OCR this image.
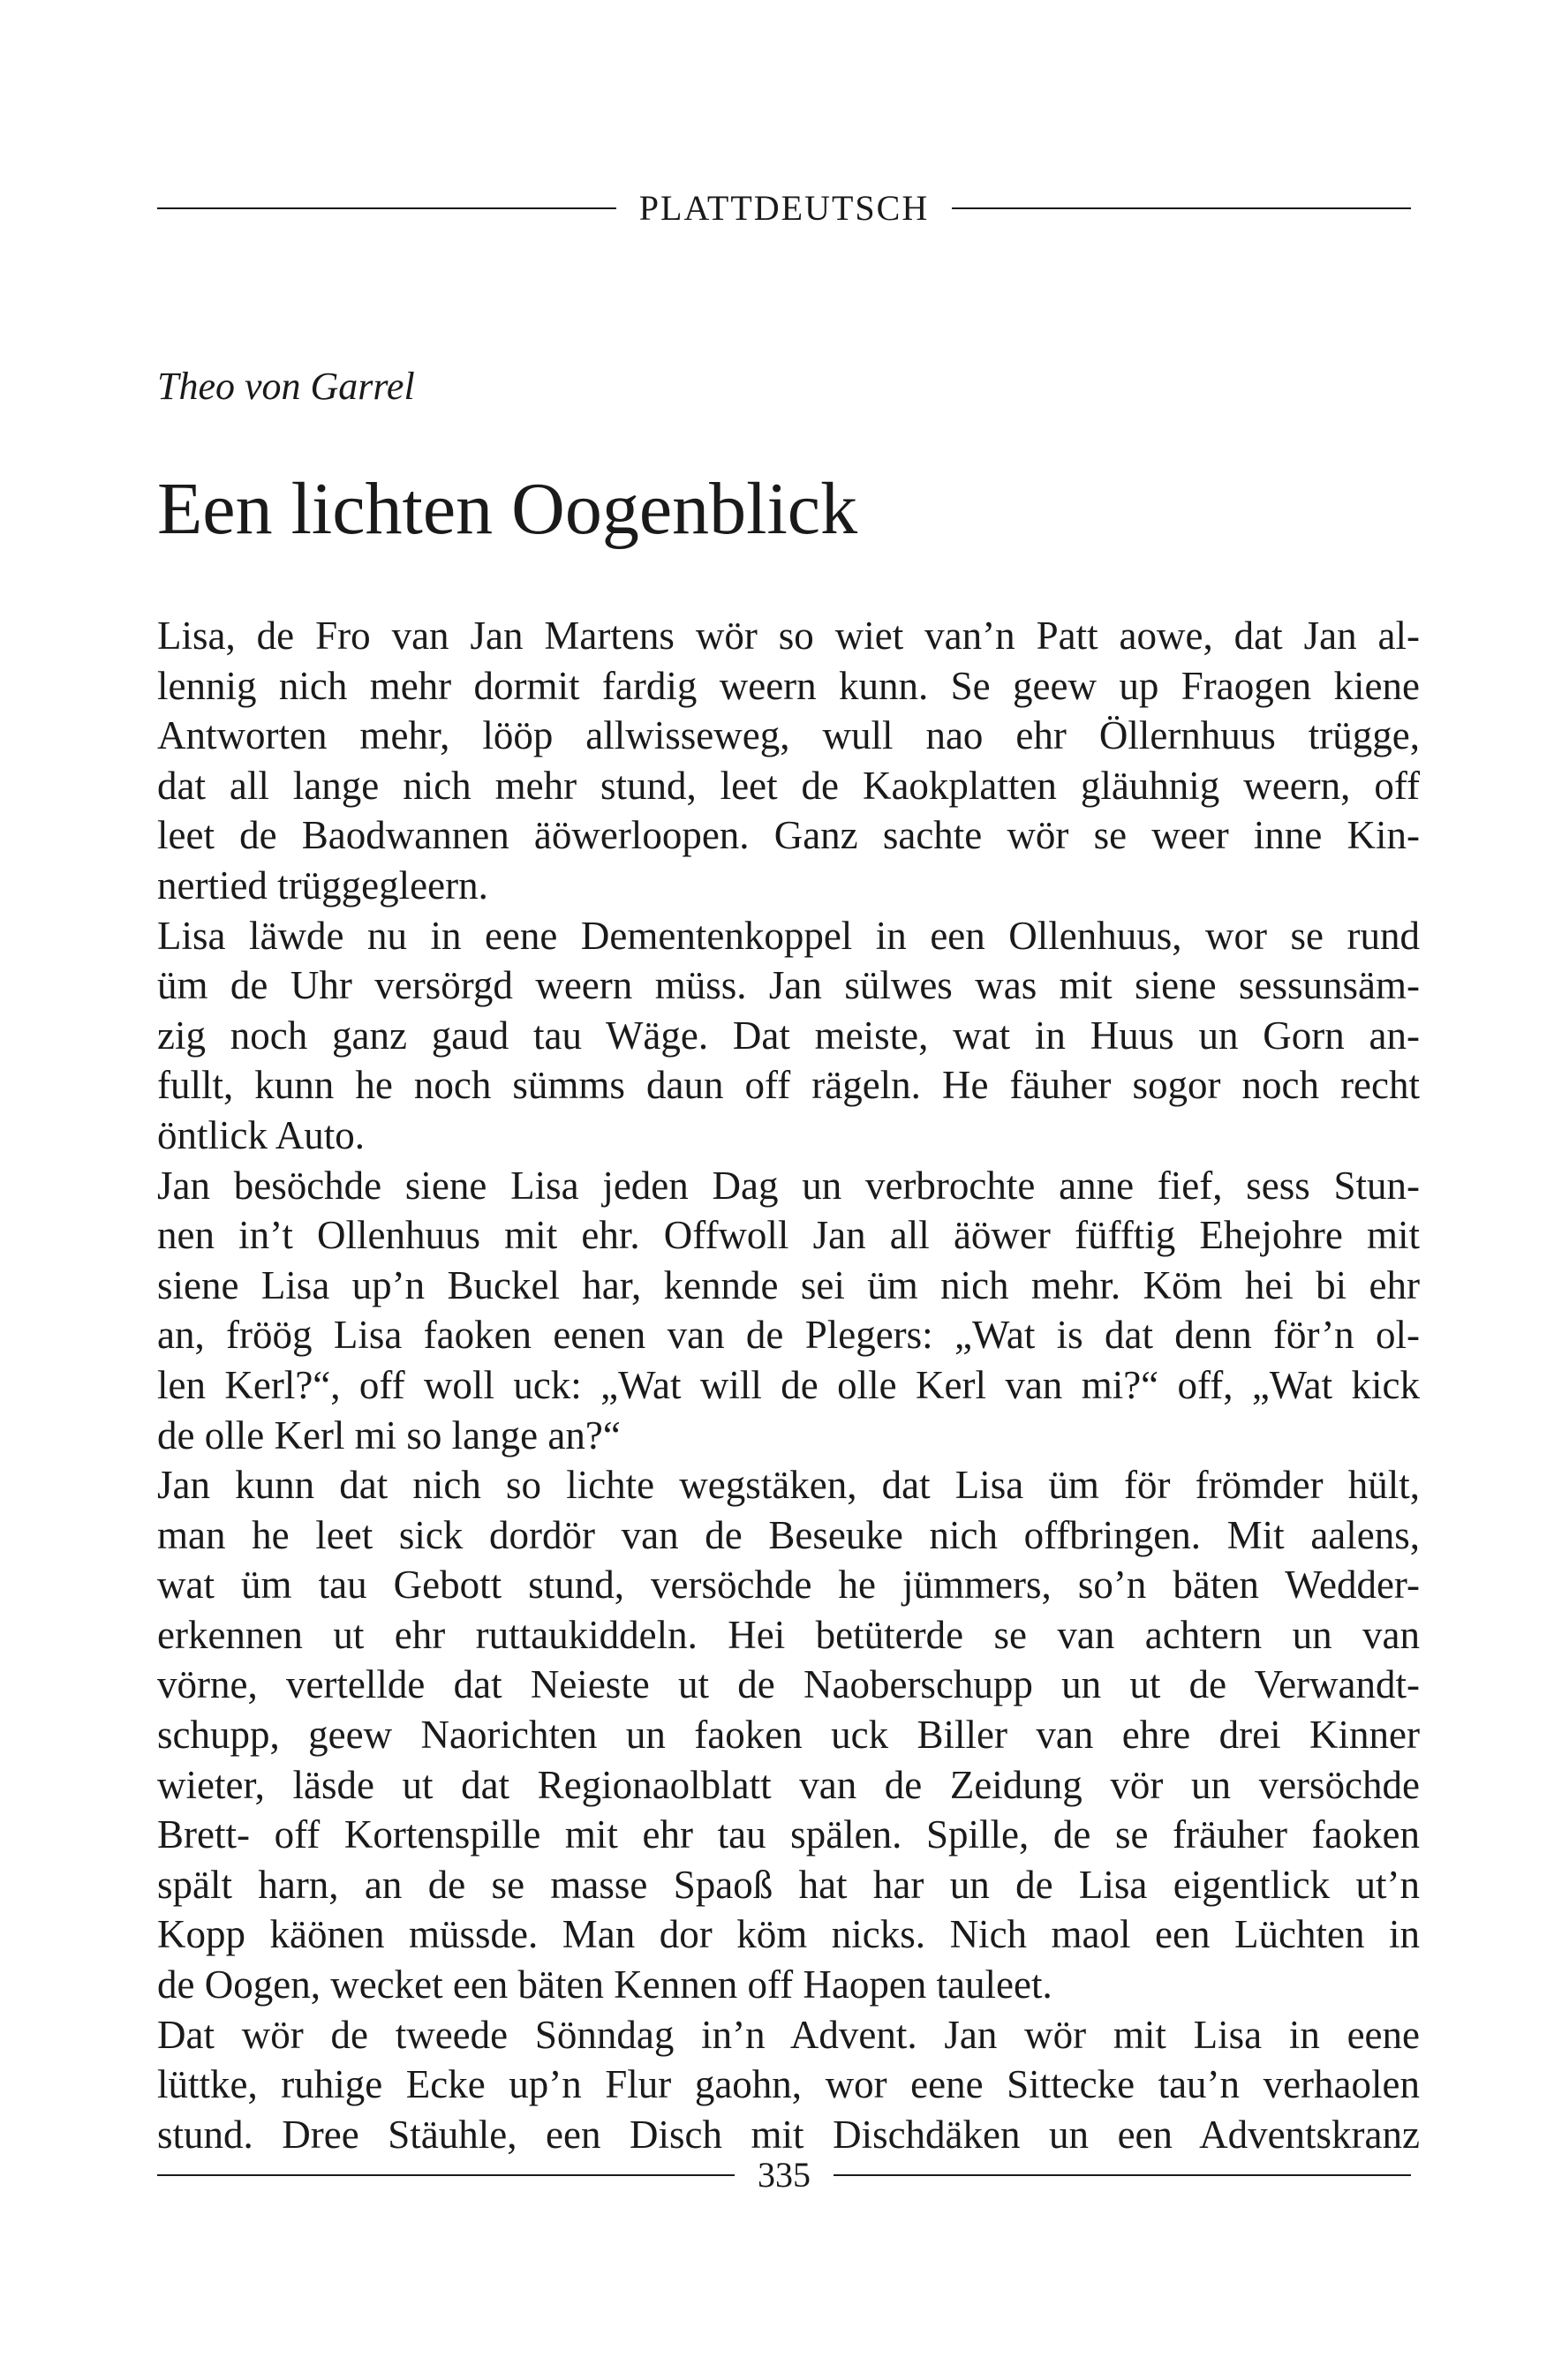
PLATTDEUTSCH
Theo von Garrel
Een lichten Oogenblick
Lisa, de Fro van Jan Martens wör so wiet van’n Patt aowe, dat Jan al-
lennig nich mehr dormit fardig weern kunn. Se geew up Fraogen kiene
Antworten mehr, lööp allwisseweg, wull nao ehr Öllernhuus trügge,
dat all lange nich mehr stund, leet de Kaokplatten gläuhnig weern, off
leet de Baodwannen äöwerloopen. Ganz sachte wör se weer inne Kin-
nertied trüggegleern.
Lisa läwde nu in eene Dementenkoppel in een Ollenhuus, wor se rund
üm de Uhr versörgd weern müss. Jan sülwes was mit siene sessunsäm-
zig noch ganz gaud tau Wäge. Dat meiste, wat in Huus un Gorn an-
fullt, kunn he noch sümms daun off rägeln. He fäuher sogor noch recht
öntlick Auto.
Jan besöchde siene Lisa jeden Dag un verbrochte anne fief, sess Stun-
nen in’t Ollenhuus mit ehr. Offwoll Jan all äöwer füfftig Ehejohre mit
siene Lisa up’n Buckel har, kennde sei üm nich mehr. Köm hei bi ehr
an, fröög Lisa faoken eenen van de Plegers: „Wat is dat denn för’n ol-
len Kerl?“, off woll uck: „Wat will de olle Kerl van mi?“ off, „Wat kick
de olle Kerl mi so lange an?“
Jan kunn dat nich so lichte wegstäken, dat Lisa üm för frömder hült,
man he leet sick dordör van de Beseuke nich offbringen. Mit aalens,
wat üm tau Gebott stund, versöchde he jümmers, so’n bäten Wedder-
erkennen ut ehr ruttaukiddeln. Hei betüterde se van achtern un van
vörne, vertellde dat Neieste ut de Naoberschupp un ut de Verwandt-
schupp, geew Naorichten un faoken uck Biller van ehre drei Kinner
wieter, läsde ut dat Regionaolblatt van de Zeidung vör un versöchde
Brett- off Kortenspille mit ehr tau spälen. Spille, de se fräuher faoken
spält harn, an de se masse Spaoß hat har un de Lisa eigentlick ut’n
Kopp käönen müssde. Man dor köm nicks. Nich maol een Lüchten in
de Oogen, wecket een bäten Kennen off Haopen tauleet.
Dat wör de tweede Sönndag in’n Advent. Jan wör mit Lisa in eene
lüttke, ruhige Ecke up’n Flur gaohn, wor eene Sittecke tau’n verhaolen
stund. Dree Stäuhle, een Disch mit Dischdäken un een Adventskranz
335
